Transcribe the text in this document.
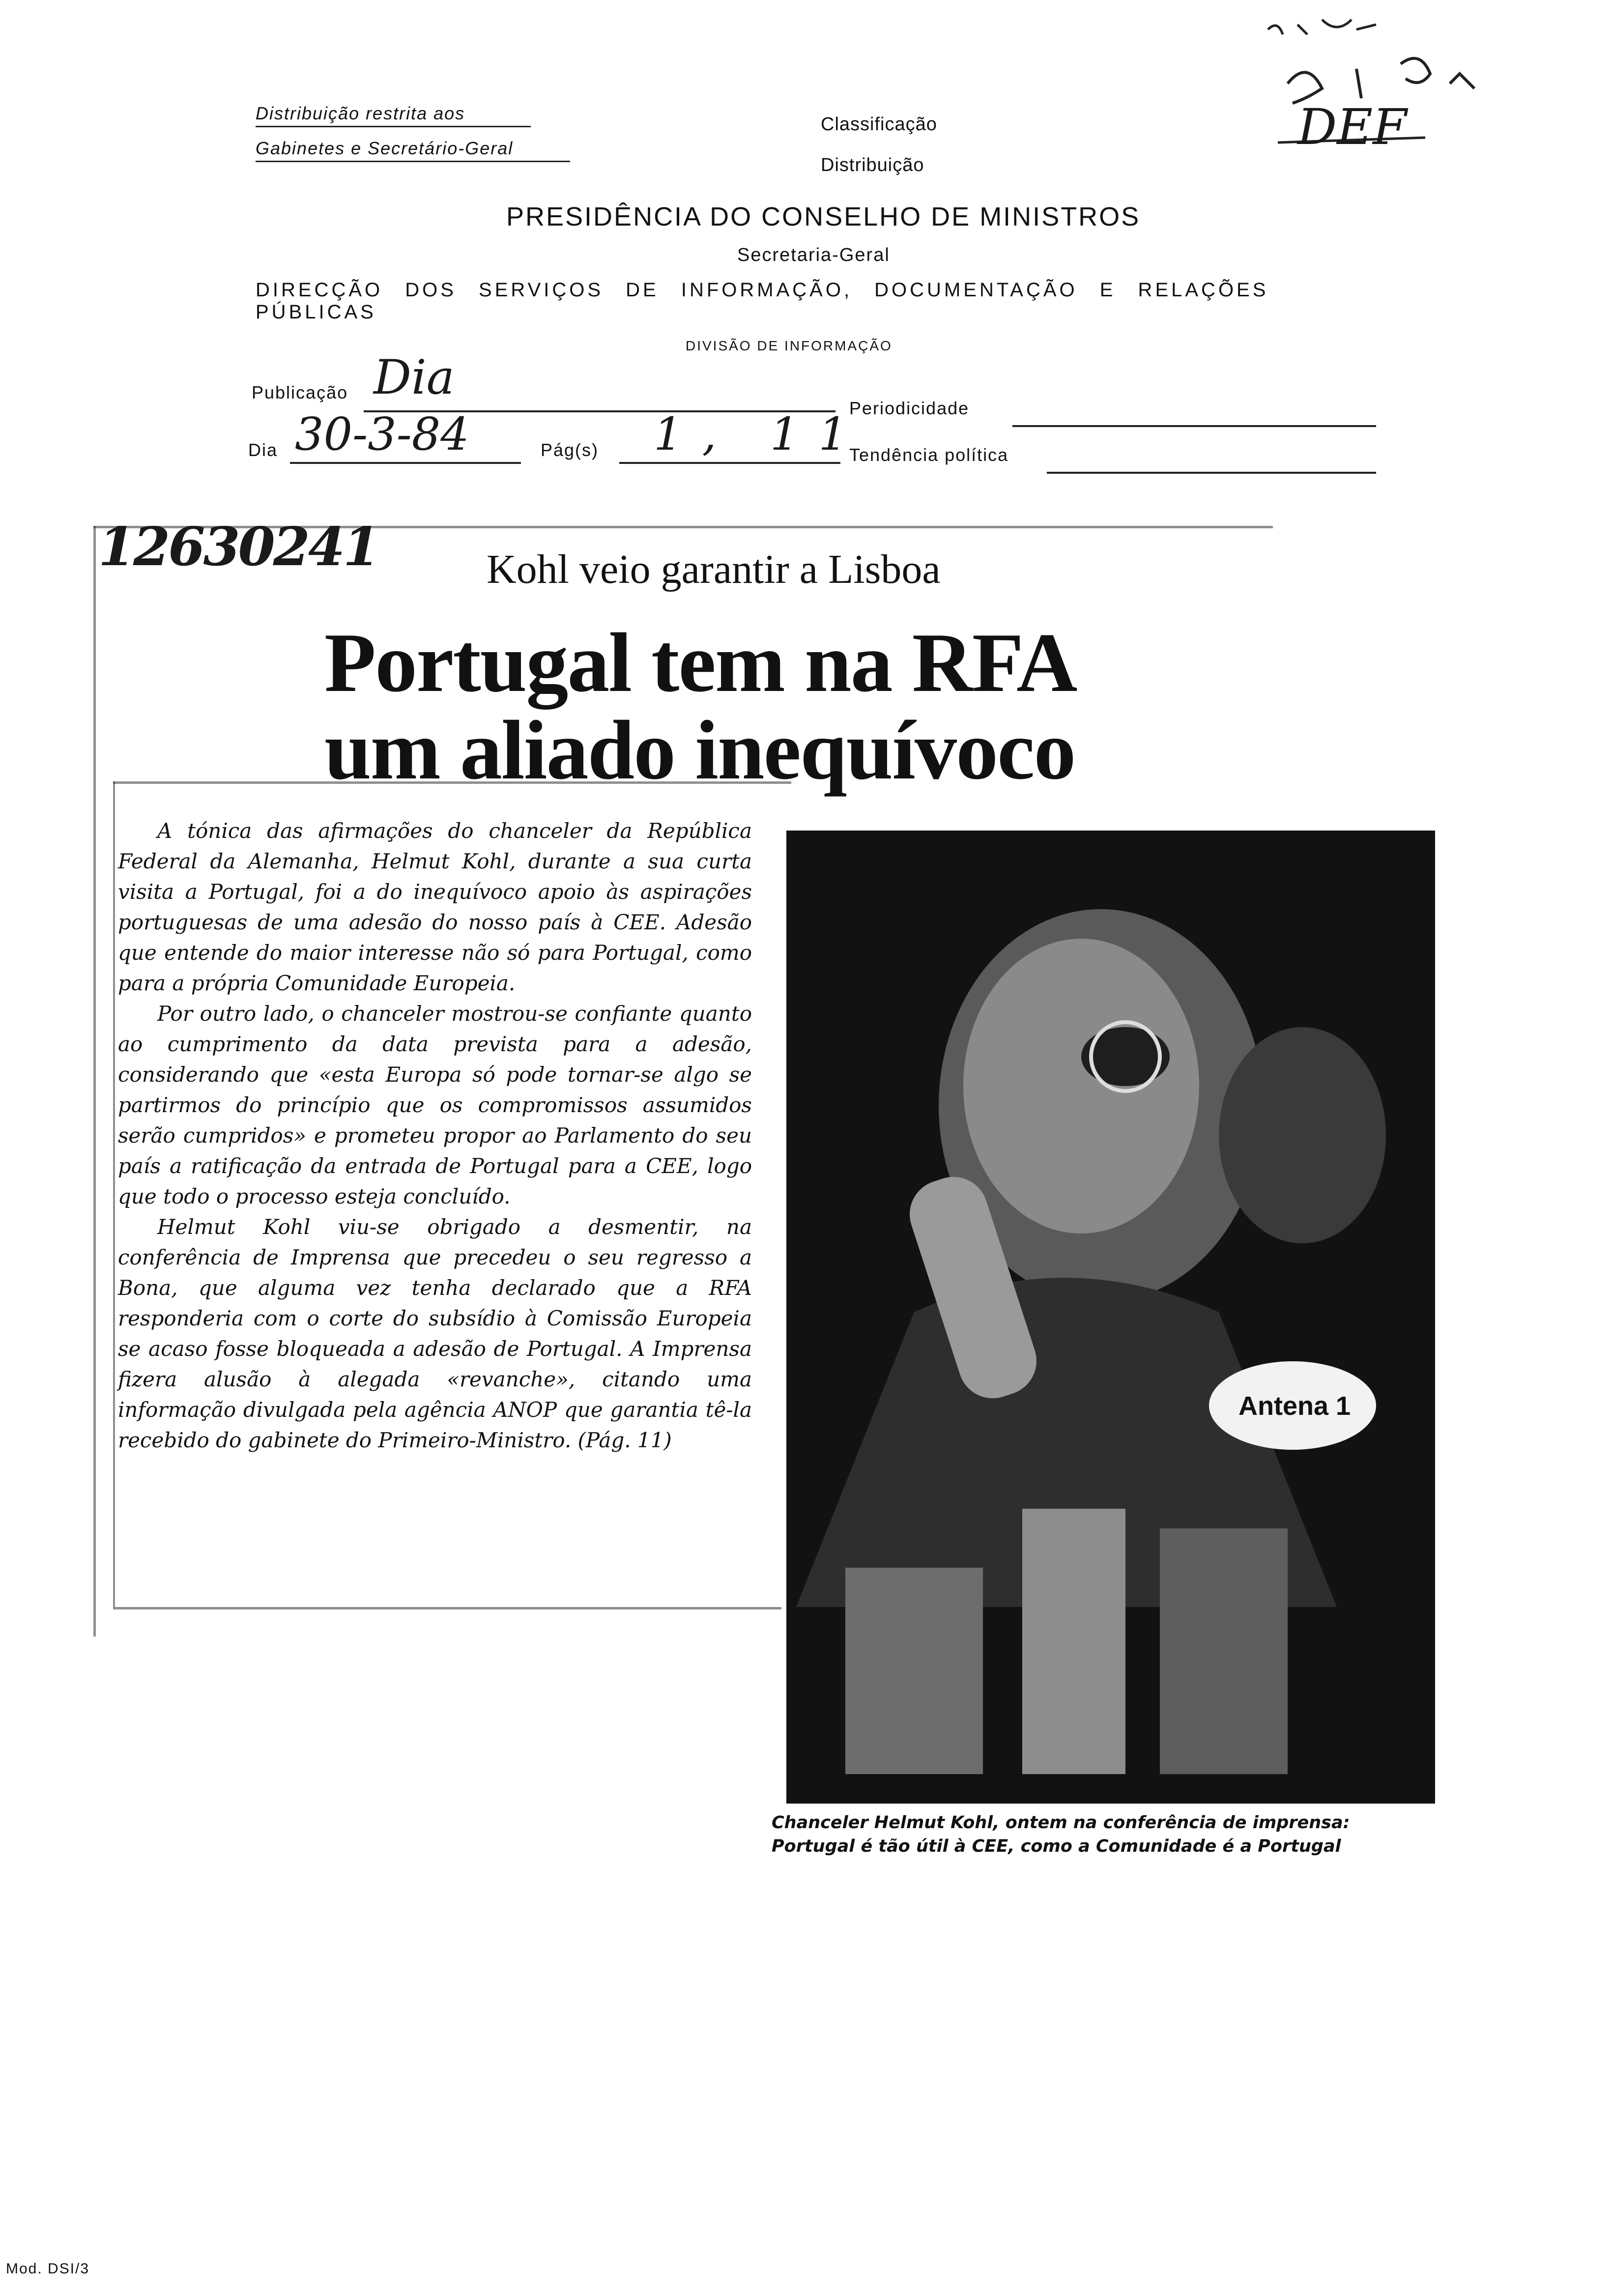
Distribuição restrita aos
Gabinetes e Secretário-Geral
Classificação
Distribuição
DEF
PRESIDÊNCIA DO CONSELHO DE MINISTROS
Secretaria-Geral
DIRECÇÃO DOS SERVIÇOS DE INFORMAÇÃO, DOCUMENTAÇÃO E RELAÇÕES PÚBLICAS
DIVISÃO DE INFORMAÇÃO
Publicação Dia
Periodicidade
Dia 30-3-84	Pág(s) 1, 11
Tendência política
12630241	Kohl veio garantir a Lisboa
Portugal tem na RFA
um aliado inequívoco

A tónica das afirmações do chanceler da República Federal da Alemanha, Helmut Kohl, durante a sua curta visita a Portugal, foi a do inequívoco apoio às aspirações portuguesas de uma adesão do nosso país à CEE. Adesão que entende do maior interesse não só para Portugal, como para a própria Comunidade Europeia.

Por outro lado, o chanceler mostrou-se confiante quanto ao cumprimento da data prevista para a adesão, considerando que «esta Europa só pode tornar-se algo se partirmos do princípio que os compromissos assumidos serão cumpridos» e prometeu propor ao Parlamento do seu país a ratificação da entrada de Portugal para a CEE, logo que todo o processo esteja concluído.

Helmut Kohl viu-se obrigado a desmentir, na conferência de Imprensa que precedeu o seu regresso a Bona, que alguma vez tenha declarado que a RFA responderia com o corte do subsídio à Comissão Europeia se acaso fosse bloqueada a adesão de Portugal. A Imprensa fizera alusão à alegada «revanche», citando uma informação divulgada pela agência ANOP que garantia tê-la recebido do gabinete do Primeiro-Ministro. (Pág. 11)

Antena 1
Chanceler Helmut Kohl, ontem na conferência de imprensa:
Portugal é tão útil à CEE, como a Comunidade é a Portugal
Mod. DSI/3
